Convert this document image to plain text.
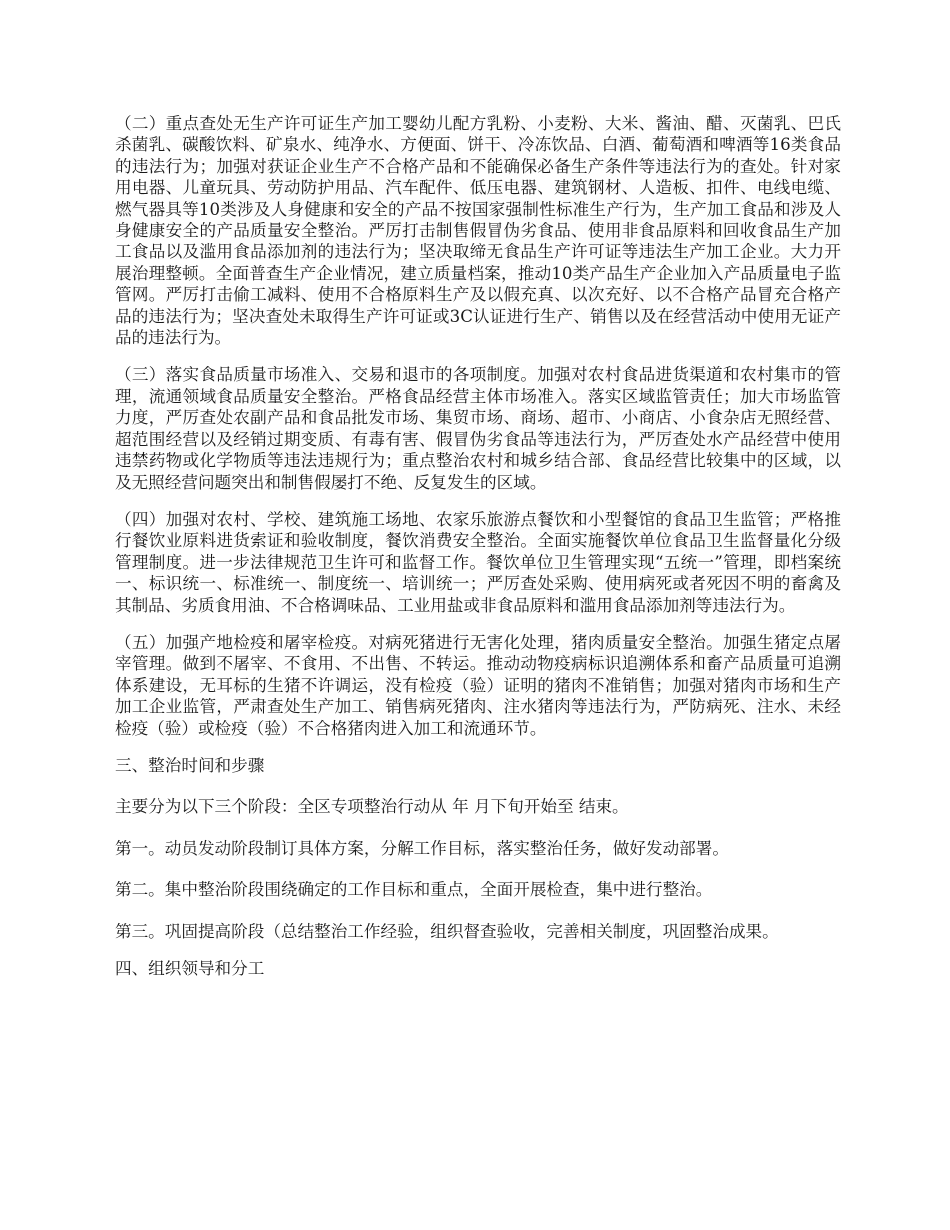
（二）重点查处无生产许可证生产加工婴幼儿配方乳粉、小麦粉、大米、酱油、醋、灭菌乳、巴氏杀菌乳、碳酸饮料、矿泉水、纯净水、方便面、饼干、冷冻饮品、白酒、葡萄酒和啤酒等16类食品的违法行为；加强对获证企业生产不合格产品和不能确保必备生产条件等违法行为的查处。针对家用电器、儿童玩具、劳动防护用品、汽车配件、低压电器、建筑钢材、人造板、扣件、电线电缆、燃气器具等10类涉及人身健康和安全的产品不按国家强制性标准生产行为，生产加工食品和涉及人身健康安全的产品质量安全整治。严厉打击制售假冒伪劣食品、使用非食品原料和回收食品生产加工食品以及滥用食品添加剂的违法行为；坚决取缔无食品生产许可证等违法生产加工企业。大力开展治理整顿。全面普查生产企业情况，建立质量档案，推动10类产品生产企业加入产品质量电子监管网。严厉打击偷工减料、使用不合格原料生产及以假充真、以次充好、以不合格产品冒充合格产品的违法行为；坚决查处未取得生产许可证或3C认证进行生产、销售以及在经营活动中使用无证产品的违法行为。

（三）落实食品质量市场准入、交易和退市的各项制度。加强对农村食品进货渠道和农村集市的管理，流通领域食品质量安全整治。严格食品经营主体市场准入。落实区域监管责任；加大市场监管力度，严厉查处农副产品和食品批发市场、集贸市场、商场、超市、小商店、小食杂店无照经营、超范围经营以及经销过期变质、有毒有害、假冒伪劣食品等违法行为，严厉查处水产品经营中使用违禁药物或化学物质等违法违规行为；重点整治农村和城乡结合部、食品经营比较集中的区域，以及无照经营问题突出和制售假屡打不绝、反复发生的区域。

（四）加强对农村、学校、建筑施工场地、农家乐旅游点餐饮和小型餐馆的食品卫生监管；严格推行餐饮业原料进货索证和验收制度，餐饮消费安全整治。全面实施餐饮单位食品卫生监督量化分级管理制度。进一步法律规范卫生许可和监督工作。餐饮单位卫生管理实现“五统一”管理，即档案统一、标识统一、标准统一、制度统一、培训统一；严厉查处采购、使用病死或者死因不明的畜禽及其制品、劣质食用油、不合格调味品、工业用盐或非食品原料和滥用食品添加剂等违法行为。

（五）加强产地检疫和屠宰检疫。对病死猪进行无害化处理，猪肉质量安全整治。加强生猪定点屠宰管理。做到不屠宰、不食用、不出售、不转运。推动动物疫病标识追溯体系和畜产品质量可追溯体系建设，无耳标的生猪不许调运，没有检疫（验）证明的猪肉不准销售；加强对猪肉市场和生产加工企业监管，严肃查处生产加工、销售病死猪肉、注水猪肉等违法行为，严防病死、注水、未经检疫（验）或检疫（验）不合格猪肉进入加工和流通环节。

三、整治时间和步骤

主要分为以下三个阶段：全区专项整治行动从 年 月下旬开始至 结束。

第一。动员发动阶段制订具体方案，分解工作目标，落实整治任务，做好发动部署。

第二。集中整治阶段围绕确定的工作目标和重点，全面开展检查，集中进行整治。

第三。巩固提高阶段（总结整治工作经验，组织督查验收，完善相关制度，巩固整治成果。

四、组织领导和分工
